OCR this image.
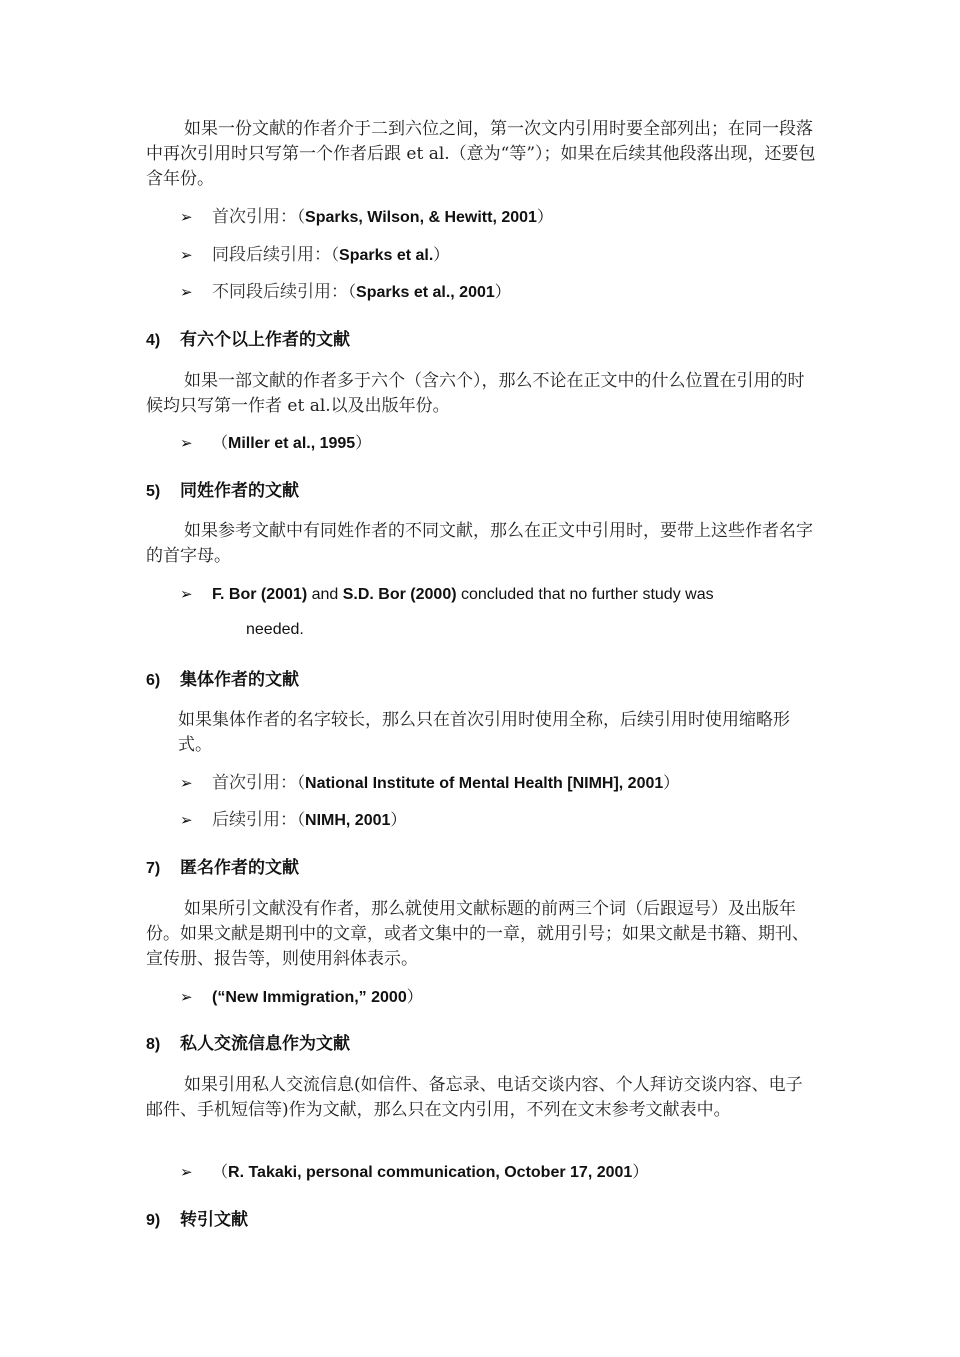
如果一份文献的作者介于二到六位之间，第一次文内引用时要全部列出；在同一段落中再次引用时只写第一个作者后跟 et al.（意为“等”）；如果在后续其他段落出现，还要包含年份。
➢ 首次引用：（Sparks, Wilson, & Hewitt, 2001）
➢ 同段后续引用：（Sparks et al.）
➢ 不同段后续引用：（Sparks et al., 2001）
4) 有六个以上作者的文献
如果一部文献的作者多于六个（含六个），那么不论在正文中的什么位置在引用的时候均只写第一作者 et al.以及出版年份。
➢ （Miller et al., 1995）
5) 同姓作者的文献
如果参考文献中有同姓作者的不同文献，那么在正文中引用时，要带上这些作者名字的首字母。
➢ F. Bor (2001) and S.D. Bor (2000) concluded that no further study was
needed.
6) 集体作者的文献
如果集体作者的名字较长，那么只在首次引用时使用全称，后续引用时使用缩略形式。
➢ 首次引用：（National Institute of Mental Health [NIMH], 2001）
➢ 后续引用：（NIMH, 2001）
7) 匿名作者的文献
如果所引文献没有作者，那么就使用文献标题的前两三个词（后跟逗号）及出版年份。如果文献是期刊中的文章，或者文集中的一章，就用引号；如果文献是书籍、期刊、宣传册、报告等，则使用斜体表示。
➢ (“New Immigration,” 2000）
8) 私人交流信息作为文献
如果引用私人交流信息(如信件、备忘录、电话交谈内容、个人拜访交谈内容、电子邮件、手机短信等)作为文献，那么只在文内引用，不列在文末参考文献表中。
➢ （R. Takaki, personal communication, October 17, 2001）
9) 转引文献
